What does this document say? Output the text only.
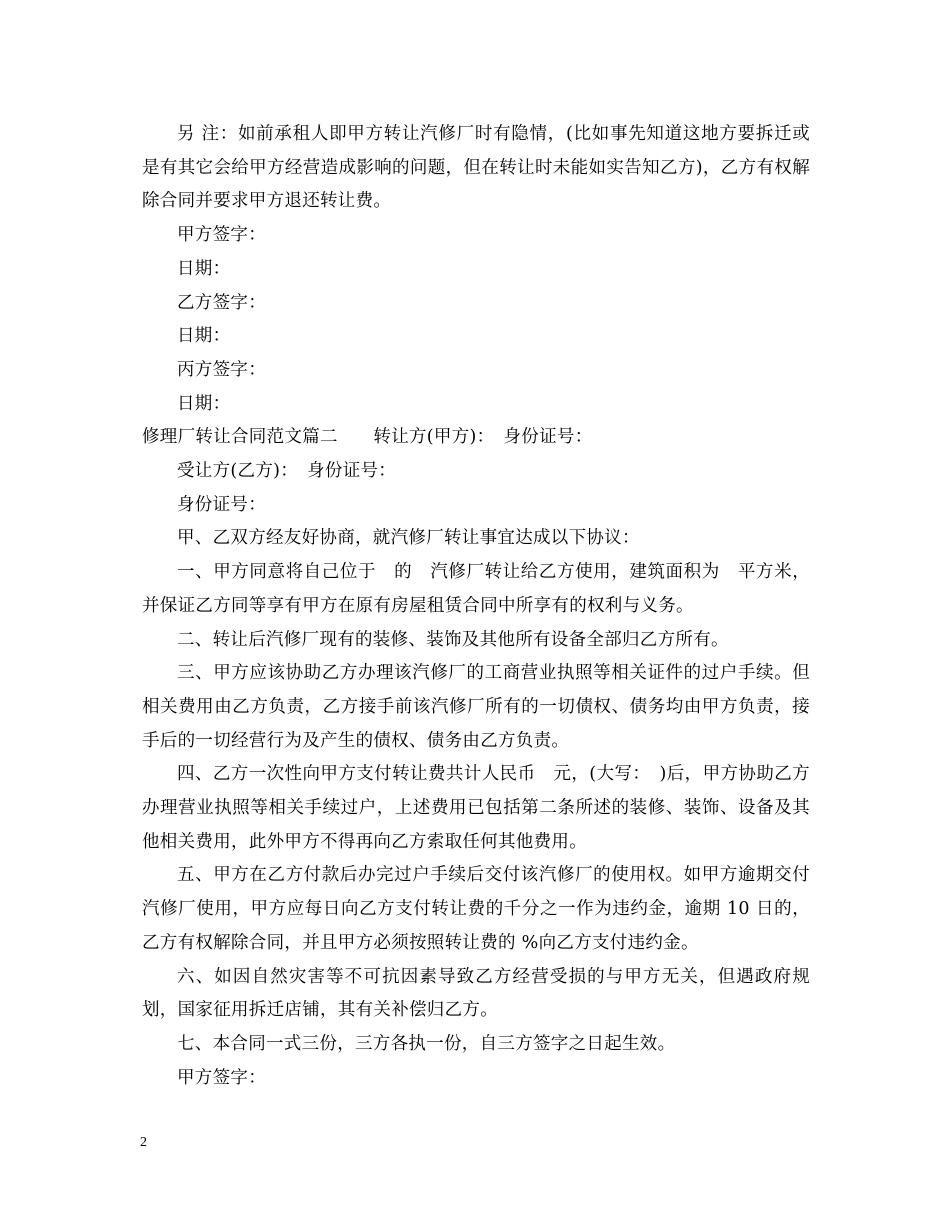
另 注：如前承租人即甲方转让汽修厂时有隐情，(比如事先知道这地方要拆迁或是有其它会给甲方经营造成影响的问题，但在转让时未能如实告知乙方)，乙方有权解除合同并要求甲方退还转让费。

甲方签字：

日期：

乙方签字：

日期：

丙方签字：

日期：

修理厂转让合同范文篇二　　转让方(甲方)：　身份证号：

受让方(乙方)：　身份证号：

身份证号：

甲、乙双方经友好协商，就汽修厂转让事宜达成以下协议：

一、甲方同意将自己位于　的　汽修厂转让给乙方使用，建筑面积为　平方米，并保证乙方同等享有甲方在原有房屋租赁合同中所享有的权利与义务。

二、转让后汽修厂现有的装修、装饰及其他所有设备全部归乙方所有。

三、甲方应该协助乙方办理该汽修厂的工商营业执照等相关证件的过户手续。但相关费用由乙方负责，乙方接手前该汽修厂所有的一切债权、债务均由甲方负责，接手后的一切经营行为及产生的债权、债务由乙方负责。

四、乙方一次性向甲方支付转让费共计人民币　元，(大写：　)后，甲方协助乙方办理营业执照等相关手续过户，上述费用已包括第二条所述的装修、装饰、设备及其他相关费用，此外甲方不得再向乙方索取任何其他费用。

五、甲方在乙方付款后办完过户手续后交付该汽修厂的使用权。如甲方逾期交付汽修厂使用，甲方应每日向乙方支付转让费的千分之一作为违约金，逾期 10 日的，乙方有权解除合同，并且甲方必须按照转让费的 %向乙方支付违约金。

六、如因自然灾害等不可抗因素导致乙方经营受损的与甲方无关，但遇政府规划，国家征用拆迁店铺，其有关补偿归乙方。

七、本合同一式三份，三方各执一份，自三方签字之日起生效。

甲方签字：

2
